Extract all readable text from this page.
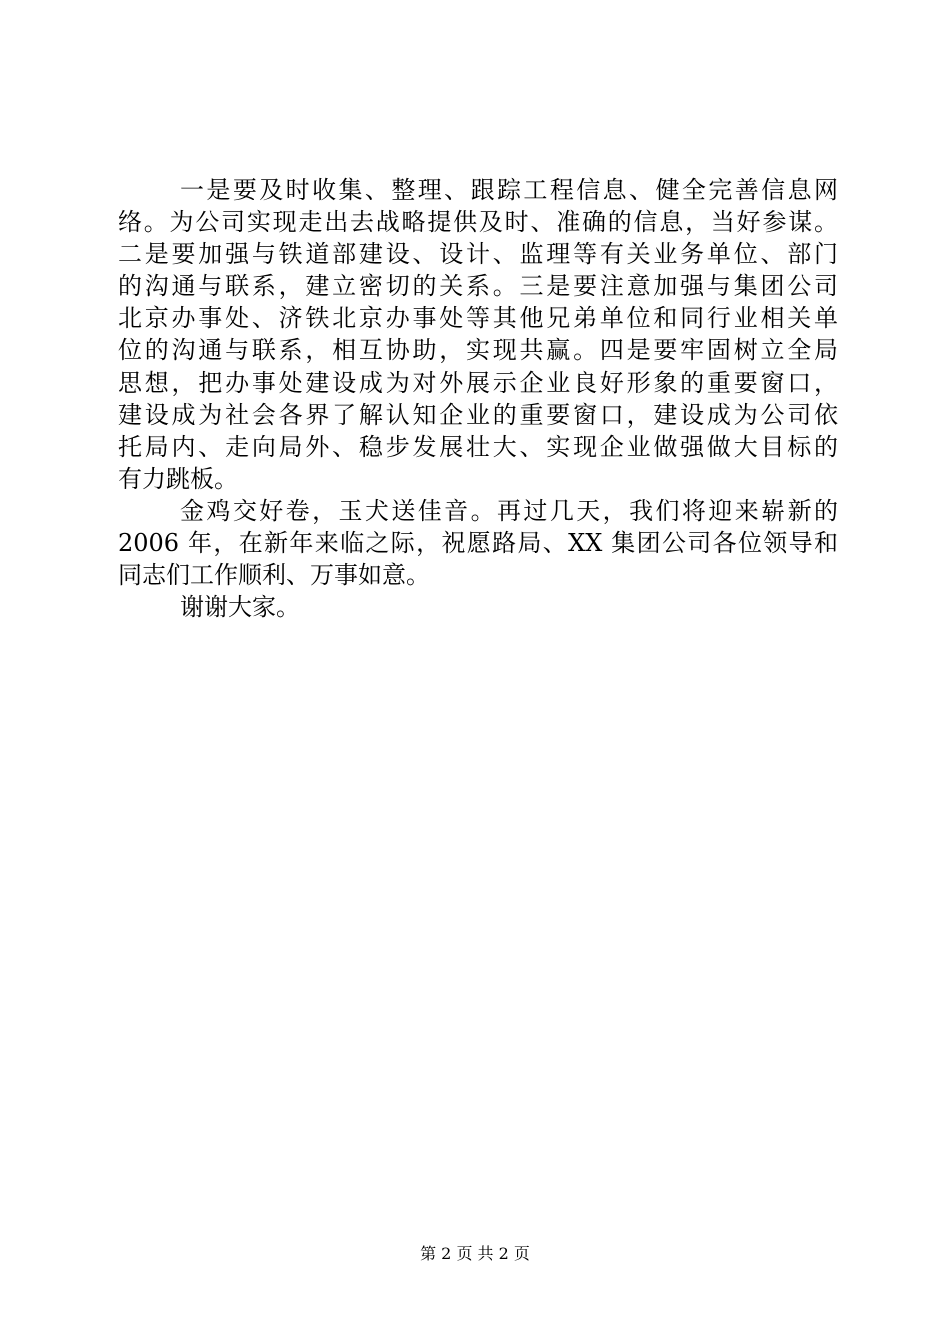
一是要及时收集、整理、跟踪工程信息、健全完善信息网
络。为公司实现走出去战略提供及时、准确的信息，当好参谋。
二是要加强与铁道部建设、设计、监理等有关业务单位、部门
的沟通与联系，建立密切的关系。三是要注意加强与集团公司
北京办事处、济铁北京办事处等其他兄弟单位和同行业相关单
位的沟通与联系，相互协助，实现共赢。四是要牢固树立全局
思想，把办事处建设成为对外展示企业良好形象的重要窗口，
建设成为社会各界了解认知企业的重要窗口，建设成为公司依
托局内、走向局外、稳步发展壮大、实现企业做强做大目标的
有力跳板。
金鸡交好卷，玉犬送佳音。再过几天，我们将迎来崭新的
2006 年，在新年来临之际，祝愿路局、XX 集团公司各位领导和
同志们工作顺利、万事如意。
谢谢大家。
第 2 页 共 2 页
